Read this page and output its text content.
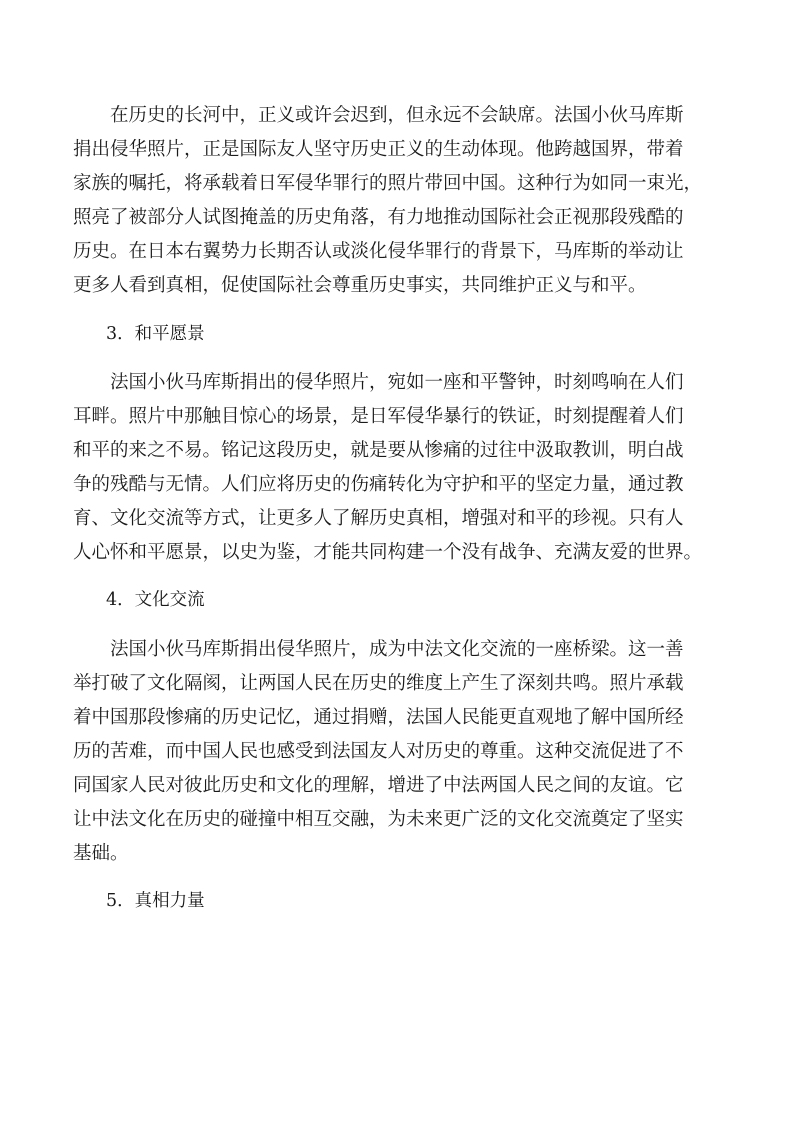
　　在历史的长河中，正义或许会迟到，但永远不会缺席。法国小伙马库斯
捐出侵华照片，正是国际友人坚守历史正义的生动体现。他跨越国界，带着
家族的嘱托，将承载着日军侵华罪行的照片带回中国。这种行为如同一束光，
照亮了被部分人试图掩盖的历史角落，有力地推动国际社会正视那段残酷的
历史。在日本右翼势力长期否认或淡化侵华罪行的背景下，马库斯的举动让
更多人看到真相，促使国际社会尊重历史事实，共同维护正义与和平。
3．和平愿景
　　法国小伙马库斯捐出的侵华照片，宛如一座和平警钟，时刻鸣响在人们
耳畔。照片中那触目惊心的场景，是日军侵华暴行的铁证，时刻提醒着人们
和平的来之不易。铭记这段历史，就是要从惨痛的过往中汲取教训，明白战
争的残酷与无情。人们应将历史的伤痛转化为守护和平的坚定力量，通过教
育、文化交流等方式，让更多人了解历史真相，增强对和平的珍视。只有人
人心怀和平愿景，以史为鉴，才能共同构建一个没有战争、充满友爱的世界。
4．文化交流
　　法国小伙马库斯捐出侵华照片，成为中法文化交流的一座桥梁。这一善
举打破了文化隔阂，让两国人民在历史的维度上产生了深刻共鸣。照片承载
着中国那段惨痛的历史记忆，通过捐赠，法国人民能更直观地了解中国所经
历的苦难，而中国人民也感受到法国友人对历史的尊重。这种交流促进了不
同国家人民对彼此历史和文化的理解，增进了中法两国人民之间的友谊。它
让中法文化在历史的碰撞中相互交融，为未来更广泛的文化交流奠定了坚实
基础。
5．真相力量
